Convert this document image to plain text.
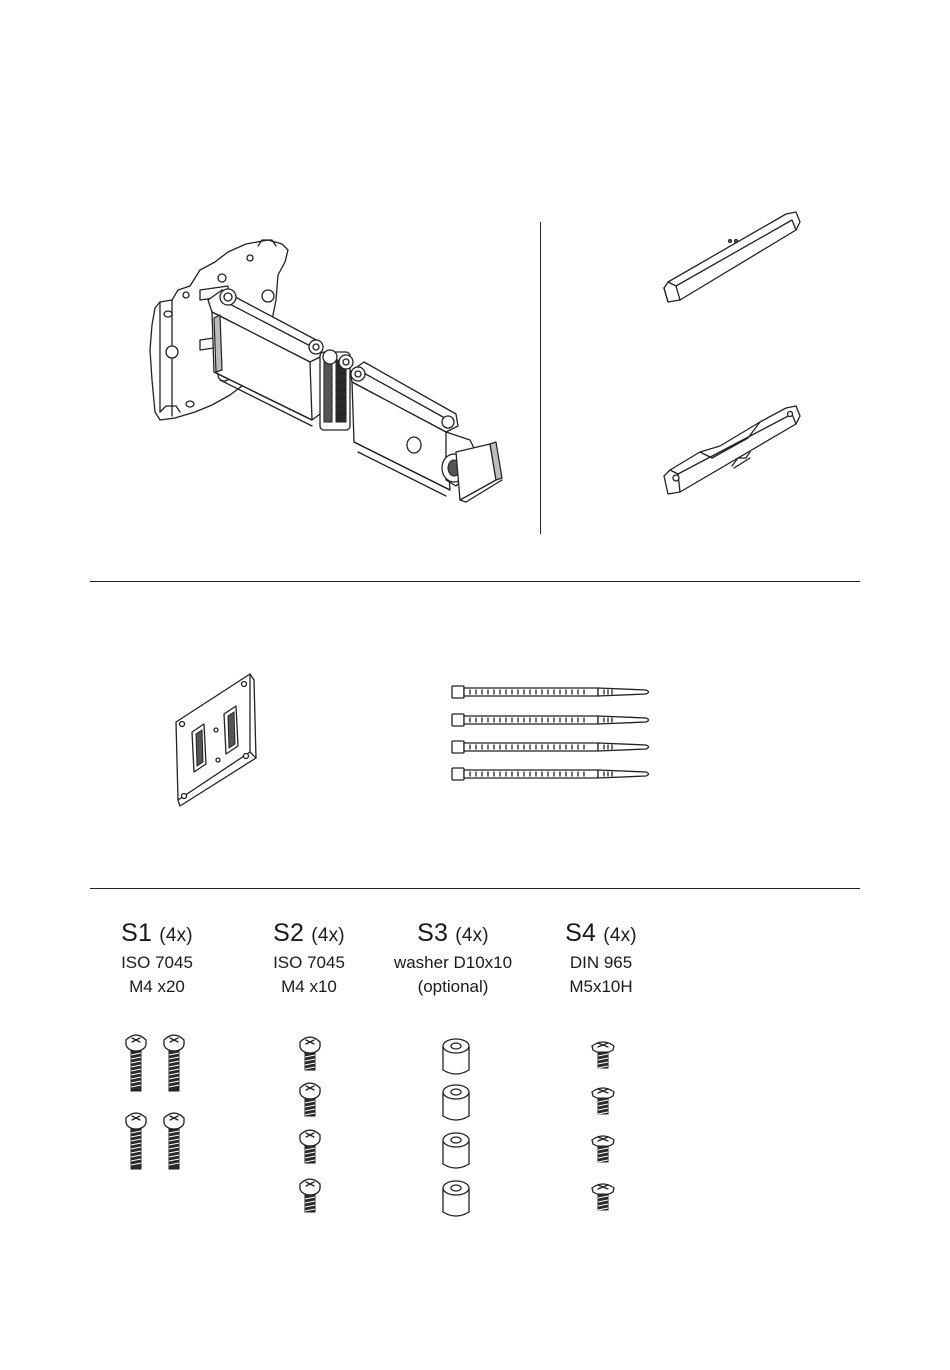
S1 (4x)
ISO 7045
M4 x20
S2 (4x)
ISO 7045
M4 x10
S3 (4x)
washer D10x10
(optional)
S4 (4x)
DIN 965
M5x10H
